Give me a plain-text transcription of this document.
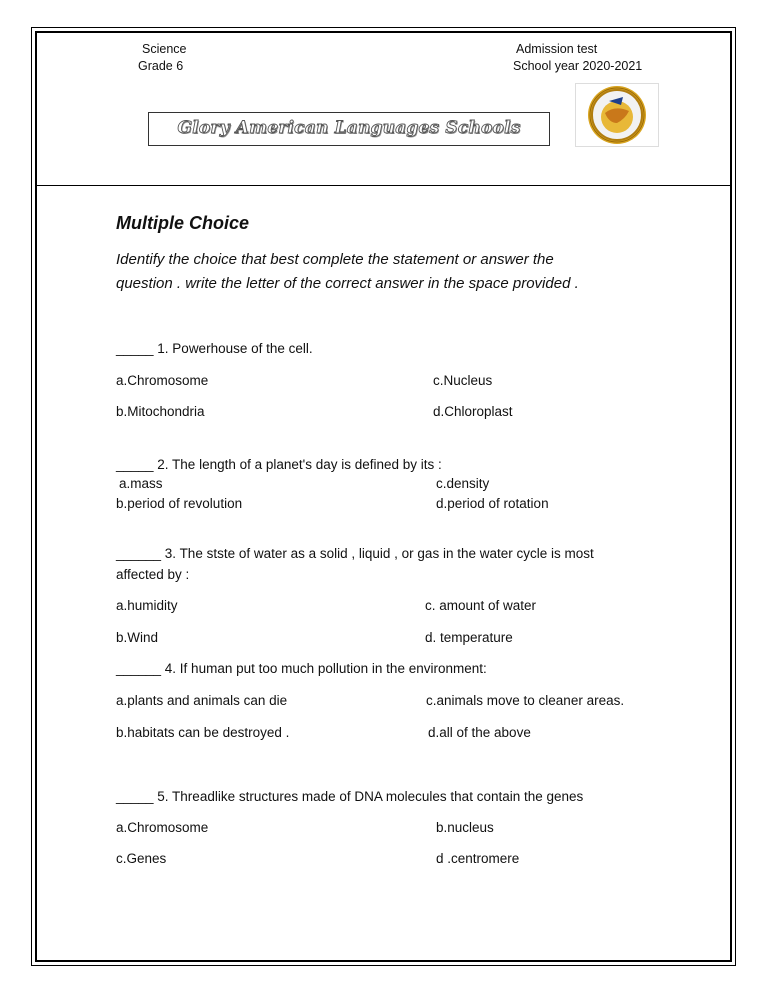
Science
Grade 6
Admission test
School year 2020-2021
Glory American Languages Schools
Multiple Choice
Identify the choice that best complete the statement or answer the
question . write the letter of the correct answer in the space provided .
_____ 1. Powerhouse of the cell.
a.Chromosome	c.Nucleus
b.Mitochondria	d.Chloroplast
_____ 2. The length of a planet's day is defined by its :
a.mass	c.density
b.period of revolution	d.period of rotation
______ 3. The stste of water as a solid , liquid , or gas in the water cycle is most
affected by :
a.humidity	c. amount of water
b.Wind	d. temperature
______ 4. If human put too much pollution in the environment:
a.plants and animals can die	c.animals move to cleaner areas.
b.habitats can be destroyed .	d.all of the above
_____ 5. Threadlike structures made of DNA molecules that contain the genes
a.Chromosome	b.nucleus
c.Genes	d .centromere
